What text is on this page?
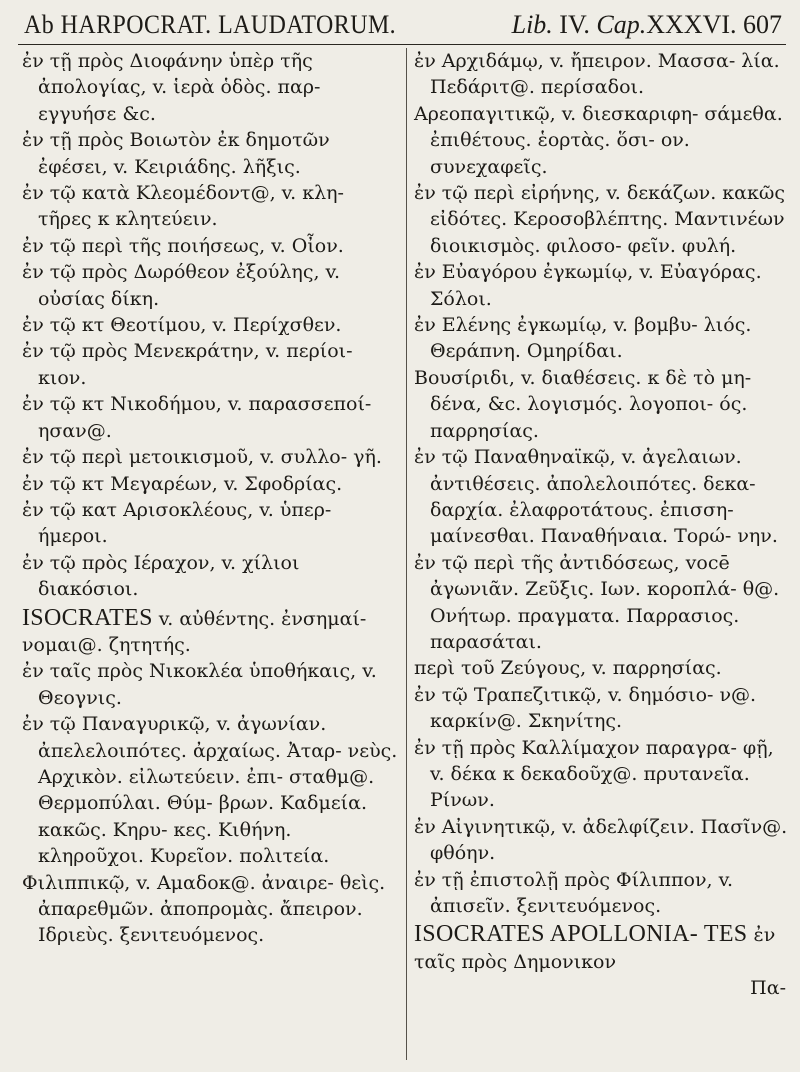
Ab HARPOCRAT. LAUDATORUM.	Lib. IV. Cap.XXXVI. 607

ἐν τῇ πρὸς Διοφάνην ὑπὲρ τῆς ἀπολογίας, v. ἱερὰ ὁδὸς. παρ- εγγυήσε &c.

ἐν τῇ πρὸς Βοιωτὸν ἐκ δημοτῶν ἐφέσει, v. Κειριάδης. λῆξις.

ἐν τῷ κατὰ Κλεομέδοντ@, v. κλη- τῆρες κ κλητεύειν.

ἐν τῷ περὶ τῆς ποιήσεως, v. Οἶον.

ἐν τῷ πρὸς Δωρόθεον ἐξούλης, v. οὐσίας δίκη.

ἐν τῷ κτ Θεοτίμου, v. Περίχσθεν.

ἐν τῷ πρὸς Μενεκράτην, v. περίοι- κιον.

ἐν τῷ κτ Νικοδήμου, v. παρασσεποί- ησαν@.

ἐν τῷ περὶ μετοικισμοῦ, v. συλλο- γῆ.

ἐν τῷ κτ Μεγαρέων, v. Σφοδρίας.

ἐν τῷ κατ Αρισοκλέους, v. ὑπερ- ήμεροι.

ἐν τῷ πρὸς Ιέραχον, v. χίλιοι διακόσιοι.

ISOCRATES v. αὐθέντης. ἐνσημαί- νομαι@. ζητητής.

ἐν ταῖς πρὸς Νικοκλέα ὑποθήκαις, v. Θεογνις.

ἐν τῷ Παναγυρικῷ, v. ἀγωνίαν. ἀπελελοιπότες. ἀρχαίως. Ἀταρ- νεὺς. Αρχικὸν. εἰλωτεύειν. ἐπι- σταθμ@. Θερμοπύλαι. Θύμ- βρων. Καδμεία. κακῶς. Κηρυ- κες. Κιθήνη. κληροῦχοι. Κυρεῖον. πολιτεία.

Φιλιππικῷ, v. Αμαδοκ@. ἀναιρε- θεὶς. ἀπαρεθμῶν. ἀποπρομὰς. ἄπειρον. Ιδριεὺς. ξενιτευόμενος.

ἐν Αρχιδάμῳ, v. ἤπειρον. Μασσα- λία. Πεδάριτ@. περίσαδοι.

Αρεοπαγιτικῷ, v. διεσκαριφη- σάμεθα. ἐπιθέτους. ἑορτὰς. ὅσι- ον. συνεχαφεῖς.

ἐν τῷ περὶ εἰρήνης, v. δεκάζων. κακῶς εἰδότες. Κεροσοβλέπτης. Μαντινέων διοικισμὸς. φιλοσο- φεῖν. φυλή.

ἐν Εὐαγόρου ἐγκωμίῳ, v. Εὐαγόρας. Σόλοι.

ἐν Ελένης ἐγκωμίῳ, v. βομβυ- λιός. Θεράπνη. Ομηρίδαι.

Βουσίριδι, v. διαθέσεις. κ δὲ τὸ μη- δένα, &c. λογισμός. λογοποι- ός. παρρησίας.

ἐν τῷ Παναθηναϊκῷ, v. ἀγελαιων. ἀντιθέσεις. ἀπολελοιπότες. δεκα- δαρχία. ἐλαφροτάτους. ἐπισση- μαίνεσθαι. Παναθήναια. Τορώ- νην.

ἐν τῷ περὶ τῆς ἀντιδόσεως, vocē ἀγωνιᾶν. Ζεῦξις. Ιων. κοροπλά- θ@. Ονήτωρ. πραγματα. Παρρασιος. παρασάται.

περὶ τοῦ Ζεύγους, v. παρρησίας.

ἐν τῷ Τραπεζιτικῷ, v. δημόσιο- ν@. καρκίν@. Σκηνίτης.

ἐν τῇ πρὸς Καλλίμαχον παραγρα- φῇ, v. δέκα κ δεκαδοῦχ@. πρυτανεῖα. Ρίνων.

ἐν Αἰγινητικῷ, v. ἀδελφίζειν. Πασῖν@. φθόην.

ἐν τῇ ἐπιστολῇ πρὸς Φίλιππον, v. ἀπισεῖν. ξενιτευόμενος.

ISOCRATES APOLLONIA- TES ἐν ταῖς πρὸς Δημονικον

Πα-
